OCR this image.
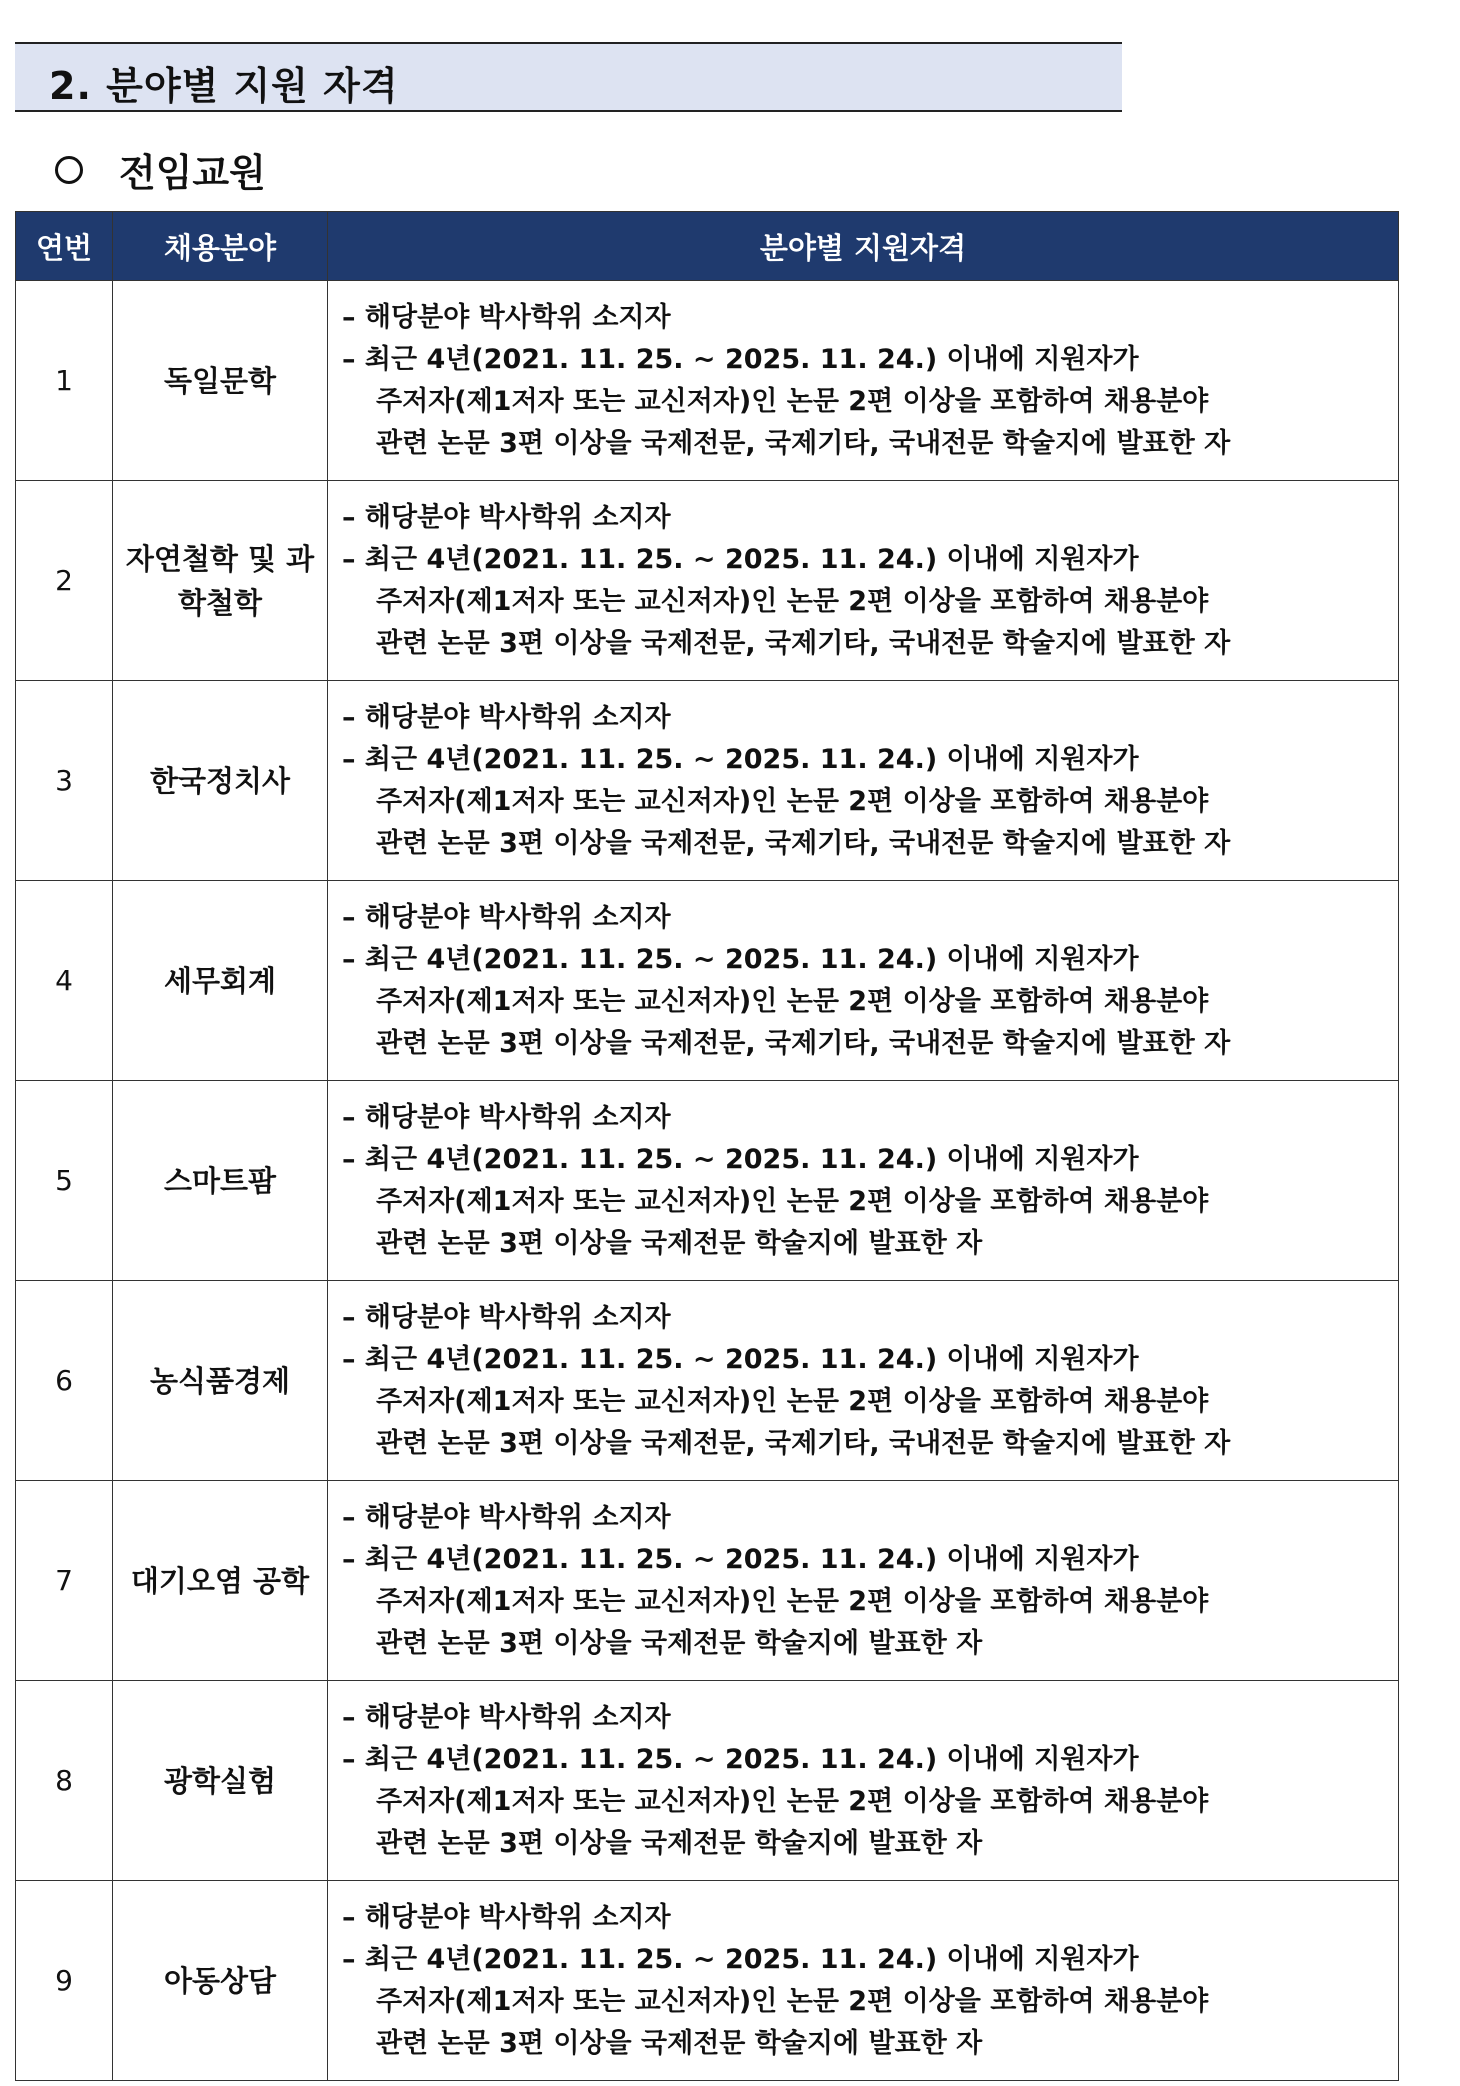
2. 분야별 지원 자격
전임교원
연번	채용분야	분야별 지원자격
1	독일문학	– 해당분야 박사학위 소지자
– 최근 4년(2021. 11. 25. ~ 2025. 11. 24.) 이내에 지원자가
주저자(제1저자 또는 교신저자)인 논문 2편 이상을 포함하여 채용분야
관련 논문 3편 이상을 국제전문, 국제기타, 국내전문 학술지에 발표한 자

2	자연철학 및 과학철학	– 해당분야 박사학위 소지자
– 최근 4년(2021. 11. 25. ~ 2025. 11. 24.) 이내에 지원자가
주저자(제1저자 또는 교신저자)인 논문 2편 이상을 포함하여 채용분야
관련 논문 3편 이상을 국제전문, 국제기타, 국내전문 학술지에 발표한 자

3	한국정치사	– 해당분야 박사학위 소지자
– 최근 4년(2021. 11. 25. ~ 2025. 11. 24.) 이내에 지원자가
주저자(제1저자 또는 교신저자)인 논문 2편 이상을 포함하여 채용분야
관련 논문 3편 이상을 국제전문, 국제기타, 국내전문 학술지에 발표한 자

4	세무회계	– 해당분야 박사학위 소지자
– 최근 4년(2021. 11. 25. ~ 2025. 11. 24.) 이내에 지원자가
주저자(제1저자 또는 교신저자)인 논문 2편 이상을 포함하여 채용분야
관련 논문 3편 이상을 국제전문, 국제기타, 국내전문 학술지에 발표한 자

5	스마트팜	– 해당분야 박사학위 소지자
– 최근 4년(2021. 11. 25. ~ 2025. 11. 24.) 이내에 지원자가
주저자(제1저자 또는 교신저자)인 논문 2편 이상을 포함하여 채용분야
관련 논문 3편 이상을 국제전문 학술지에 발표한 자

6	농식품경제	– 해당분야 박사학위 소지자
– 최근 4년(2021. 11. 25. ~ 2025. 11. 24.) 이내에 지원자가
주저자(제1저자 또는 교신저자)인 논문 2편 이상을 포함하여 채용분야
관련 논문 3편 이상을 국제전문, 국제기타, 국내전문 학술지에 발표한 자

7	대기오염 공학	– 해당분야 박사학위 소지자
– 최근 4년(2021. 11. 25. ~ 2025. 11. 24.) 이내에 지원자가
주저자(제1저자 또는 교신저자)인 논문 2편 이상을 포함하여 채용분야
관련 논문 3편 이상을 국제전문 학술지에 발표한 자

8	광학실험	– 해당분야 박사학위 소지자
– 최근 4년(2021. 11. 25. ~ 2025. 11. 24.) 이내에 지원자가
주저자(제1저자 또는 교신저자)인 논문 2편 이상을 포함하여 채용분야
관련 논문 3편 이상을 국제전문 학술지에 발표한 자

9	아동상담	– 해당분야 박사학위 소지자
– 최근 4년(2021. 11. 25. ~ 2025. 11. 24.) 이내에 지원자가
주저자(제1저자 또는 교신저자)인 논문 2편 이상을 포함하여 채용분야
관련 논문 3편 이상을 국제전문 학술지에 발표한 자
